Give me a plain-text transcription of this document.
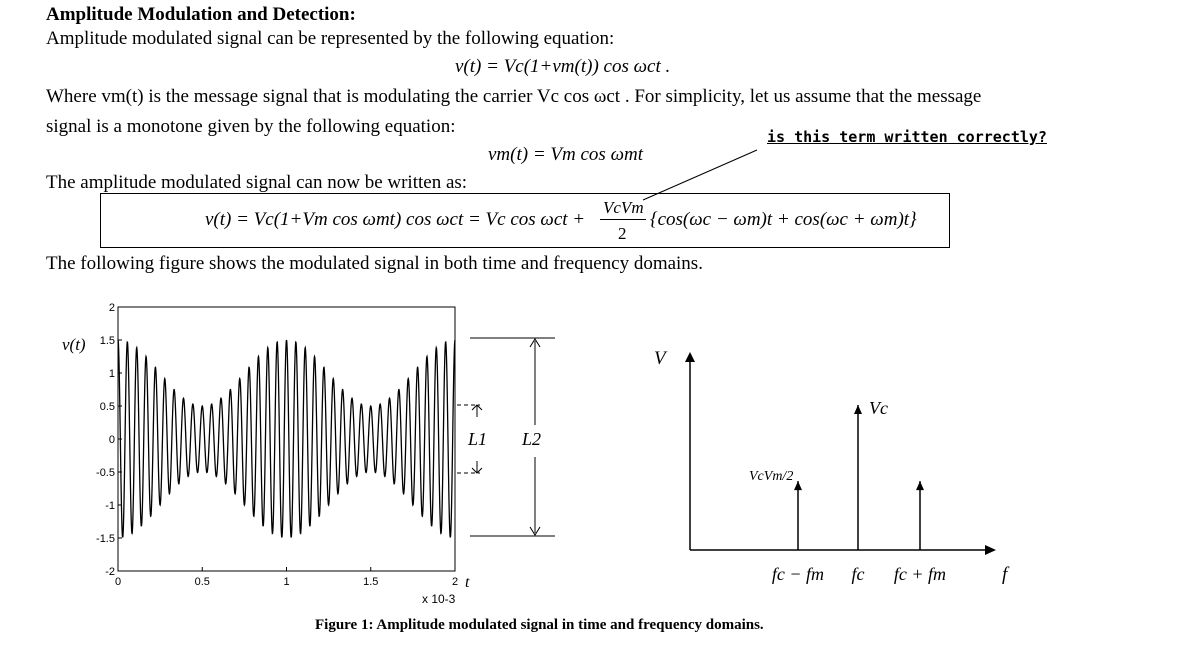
Amplitude Modulation and Detection:
Amplitude modulated signal can be represented by the following equation:
v(t) = Vc(1+vm(t)) cos ωct .
Where vm(t) is the message signal that is modulating the carrier Vc cos ωct . For simplicity, let us assume that the message
signal is a monotone given by the following equation:	is this term written correctly?
vm(t) = Vm cos ωmt
The amplitude modulated signal can now be written as:
v(t) = Vc(1+Vm cos ωmt) cos ωct = Vc cos ωct +
VcVm
2
{cos(ωc − ωm)t + cos(ωc + ωm)t}
The following figure shows the modulated signal in both time and frequency domains.
2
1.5
1
0.5
0
-0.5
-1
-1.5
-2
0	0.5	1	1.5	2
v(t)
t
x 10-3
L1 L2
V
f
fc − fm fc fc + fm
Vc
VcVm/2
Figure 1: Amplitude modulated signal in time and frequency domains.
